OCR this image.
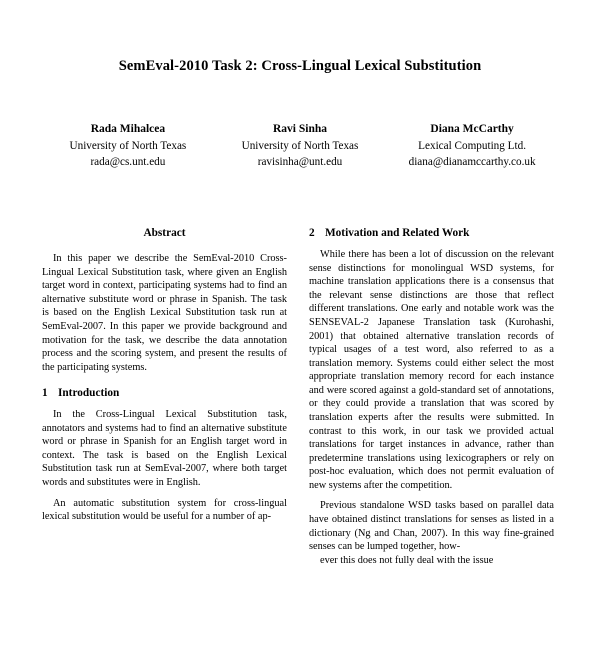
SemEval-2010 Task 2: Cross-Lingual Lexical Substitution
Rada Mihalcea
University of North Texas
rada@cs.unt.edu
Ravi Sinha
University of North Texas
ravisinha@unt.edu
Diana McCarthy
Lexical Computing Ltd.
diana@dianamccarthy.co.uk
Abstract

In this paper we describe the SemEval-2010 Cross-Lingual Lexical Substitution task, where given an English target word in context, participating systems had to find an alternative substitute word or phrase in Spanish. The task is based on the English Lexical Substitution task run at SemEval-2007. In this paper we provide background and motivation for the task, we describe the data annotation process and the scoring system, and present the results of the participating systems.

1 Introduction

In the Cross-Lingual Lexical Substitution task, annotators and systems had to find an alternative substitute word or phrase in Spanish for an English target word in context. The task is based on the English Lexical Substitution task run at SemEval-2007, where both target words and substitutes were in English.

An automatic substitution system for cross-lingual lexical substitution would be useful for a number of ap-

2 Motivation and Related Work

While there has been a lot of discussion on the relevant sense distinctions for monolingual WSD systems, for machine translation applications there is a consensus that the relevant sense distinctions are those that reflect different translations. One early and notable work was the SENSEVAL-2 Japanese Translation task (Kurohashi, 2001) that obtained alternative translation records of typical usages of a test word, also referred to as a translation memory. Systems could either select the most appropriate translation memory record for each instance and were scored against a gold-standard set of annotations, or they could provide a translation that was scored by translation experts after the results were submitted. In contrast to this work, in our task we provided actual translations for target instances in advance, rather than predetermine translations using lexicographers or rely on post-hoc evaluation, which does not permit evaluation of new systems after the competition.

Previous standalone WSD tasks based on parallel data have obtained distinct translations for senses as listed in a dictionary (Ng and Chan, 2007). In this way fine-grained senses can be lumped together, how-

ever this does not fully deal with the issue
